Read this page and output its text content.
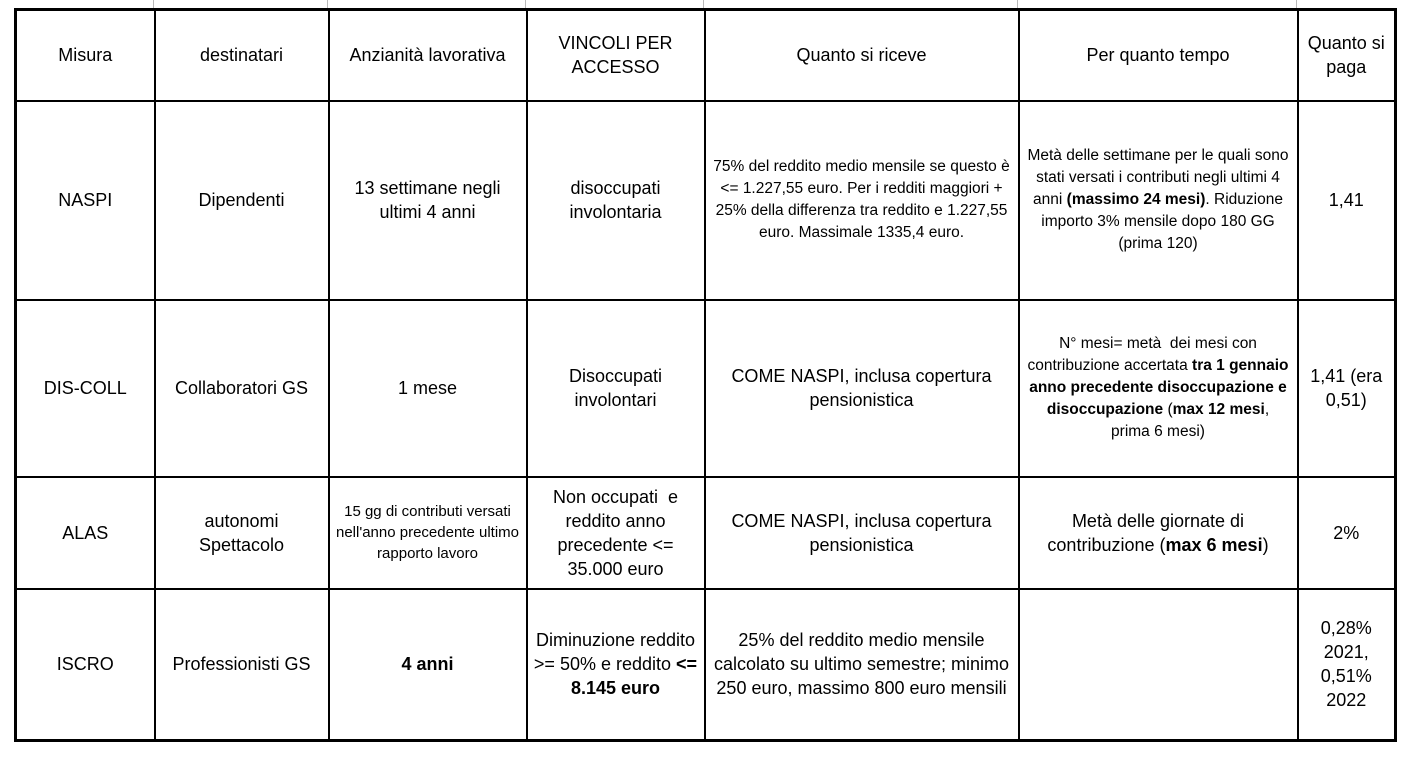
Misura	destinatari	Anzianità lavorativa	VINCOLI PER ACCESSO	Quanto si riceve	Per quanto tempo	Quanto si paga
NASPI	Dipendenti	13 settimane negli ultimi 4 anni	disoccupati involontaria	75% del reddito medio mensile se questo è <= 1.227,55 euro. Per i redditi maggiori + 25% della differenza tra reddito e 1.227,55 euro. Massimale 1335,4 euro.	Metà delle settimane per le quali sono stati versati i contributi negli ultimi 4 anni (massimo 24 mesi). Riduzione importo 3% mensile dopo 180 GG (prima 120)	1,41
DIS-COLL	Collaboratori GS	1 mese	Disoccupati involontari	COME NASPI, inclusa copertura pensionistica	N° mesi= metà  dei mesi con contribuzione accertata tra 1 gennaio anno precedente disoccupazione e disoccupazione (max 12 mesi, prima 6 mesi)	1,41 (era 0,51)
ALAS	autonomi Spettacolo	15 gg di contributi versati nell'anno precedente ultimo rapporto lavoro	Non occupati  e reddito anno precedente <= 35.000 euro	COME NASPI, inclusa copertura pensionistica	Metà delle giornate di contribuzione (max 6 mesi)	2%
ISCRO	Professionisti GS	4 anni	Diminuzione reddito >= 50% e reddito <= 8.145 euro	25% del reddito medio mensile calcolato su ultimo semestre; minimo 250 euro, massimo 800 euro mensili		0,28% 2021, 0,51% 2022
